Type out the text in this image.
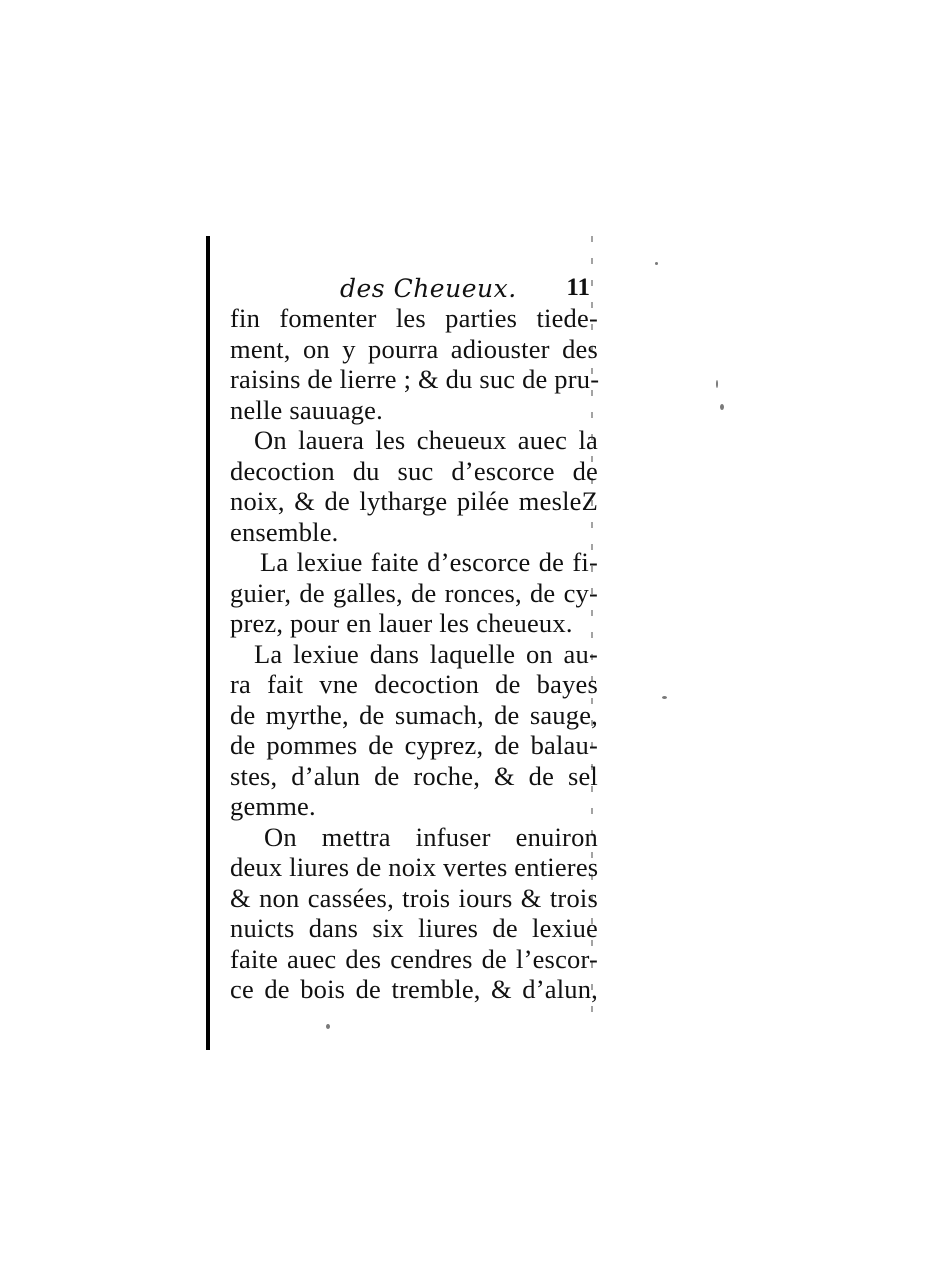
des Cheueux. 11
fin fomenter les parties tiede-
ment, on y pourra adiouster des
raisins de lierre ; & du suc de pru-
nelle sauuage.
On lauera les cheueux auec la
decoction du suc d’escorce de
noix, & de lytharge pilée mesleZ
ensemble.
La lexiue faite d’escorce de fi-
guier, de galles, de ronces, de cy-
prez, pour en lauer les cheueux.
La lexiue dans laquelle on au-
ra fait vne decoction de bayes
de myrthe, de sumach, de sauge,
de pommes de cyprez, de balau-
stes, d’alun de roche, & de sel
gemme.
On mettra infuser enuiron
deux liures de noix vertes entieres
& non cassées, trois iours & trois
nuicts dans six liures de lexiue
faite auec des cendres de l’escor-
ce de bois de tremble, & d’alun,
